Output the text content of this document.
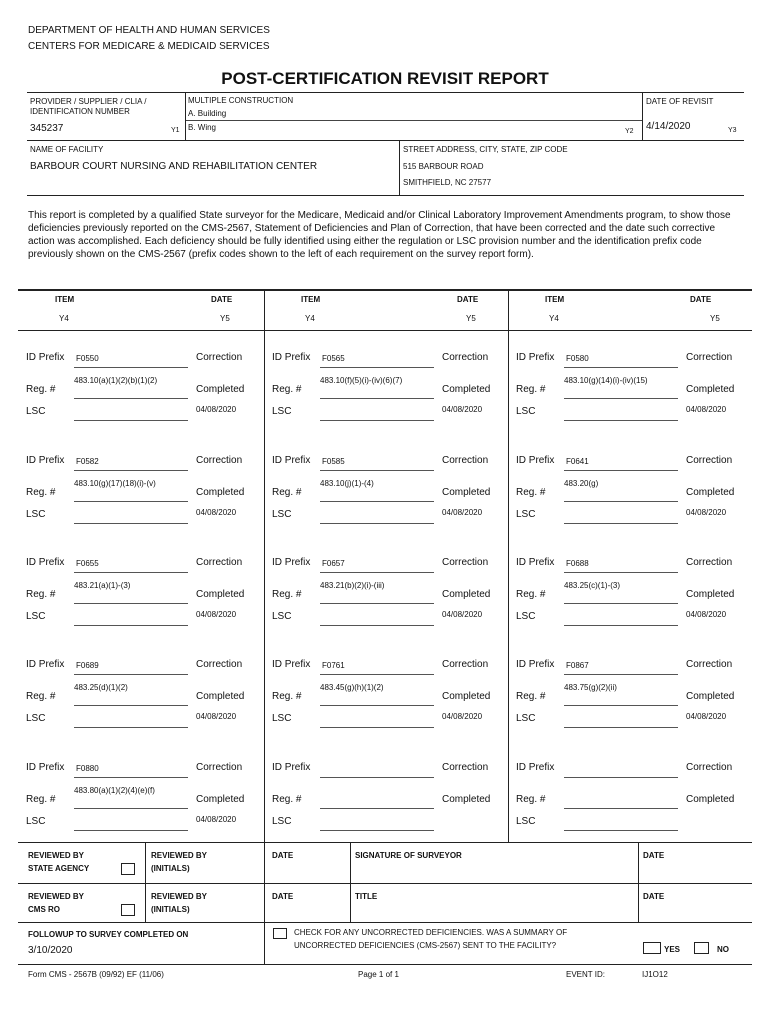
DEPARTMENT OF HEALTH AND HUMAN SERVICES
CENTERS FOR MEDICARE & MEDICAID SERVICES
POST-CERTIFICATION REVISIT REPORT
PROVIDER / SUPPLIER / CLIA /
IDENTIFICATION NUMBER
345237	Y1
MULTIPLE CONSTRUCTION
A. Building
B. Wing	Y2
DATE OF REVISIT
4/14/2020	Y3
NAME OF FACILITY
BARBOUR COURT NURSING AND REHABILITATION CENTER
STREET ADDRESS, CITY, STATE, ZIP CODE
515 BARBOUR ROAD
SMITHFIELD, NC 27577
This report is completed by a qualified State surveyor for the Medicare, Medicaid and/or Clinical Laboratory Improvement Amendments program, to show those deficiencies previously reported on the CMS-2567, Statement of Deficiencies and Plan of Correction, that have been corrected and the date such corrective action was accomplished. Each deficiency should be fully identified using either the regulation or LSC provision number and the identification prefix code previously shown on the CMS-2567 (prefix codes shown to the left of each requirement on the survey report form).
ITEM	DATE
Y4	Y5
ITEM	DATE
Y4	Y5
ITEM	DATE
Y4	Y5
ID Prefix F0550	Correction
Reg. #
483.10(a)(1)(2)(b)(1)(2)
Completed
LSC	04/08/2020
ID Prefix F0565	Correction
Reg. #
483.10(f)(5)(i)-(iv)(6)(7)
Completed
LSC	04/08/2020
ID Prefix F0580	Correction
Reg. #
483.10(g)(14)(i)-(iv)(15)
Completed
LSC	04/08/2020
ID Prefix F0582	Correction
Reg. #
483.10(g)(17)(18)(i)-(v)
Completed
LSC	04/08/2020
ID Prefix F0585	Correction
Reg. #
483.10(j)(1)-(4)
Completed
LSC	04/08/2020
ID Prefix F0641	Correction
Reg. #
483.20(g)
Completed
LSC	04/08/2020
ID Prefix F0655	Correction
Reg. #
483.21(a)(1)-(3)
Completed
LSC	04/08/2020
ID Prefix F0657	Correction
Reg. #
483.21(b)(2)(i)-(iii)
Completed
LSC	04/08/2020
ID Prefix F0688	Correction
Reg. #
483.25(c)(1)-(3)
Completed
LSC	04/08/2020
ID Prefix F0689	Correction
Reg. #
483.25(d)(1)(2)
Completed
LSC	04/08/2020
ID Prefix F0761	Correction
Reg. #
483.45(g)(h)(1)(2)
Completed
LSC	04/08/2020
ID Prefix F0867	Correction
Reg. #
483.75(g)(2)(ii)
Completed
LSC	04/08/2020
ID Prefix F0880	Correction
Reg. #
483.80(a)(1)(2)(4)(e)(f)
Completed
LSC	04/08/2020
ID Prefix	Correction
Reg. #	Completed
LSC
ID Prefix	Correction
Reg. #	Completed
LSC
REVIEWED BY
STATE AGENCY
REVIEWED BY
(INITIALS)
DATE	SIGNATURE OF SURVEYOR	DATE
REVIEWED BY
CMS RO
REVIEWED BY
(INITIALS)
DATE	TITLE	DATE
FOLLOWUP TO SURVEY COMPLETED ON
3/10/2020
CHECK FOR ANY UNCORRECTED DEFICIENCIES. WAS A SUMMARY OF
UNCORRECTED DEFICIENCIES (CMS-2567) SENT TO THE FACILITY?	YES	NO
Form CMS - 2567B (09/92) EF (11/06)	Page 1 of 1	EVENT ID:	IJ1O12
